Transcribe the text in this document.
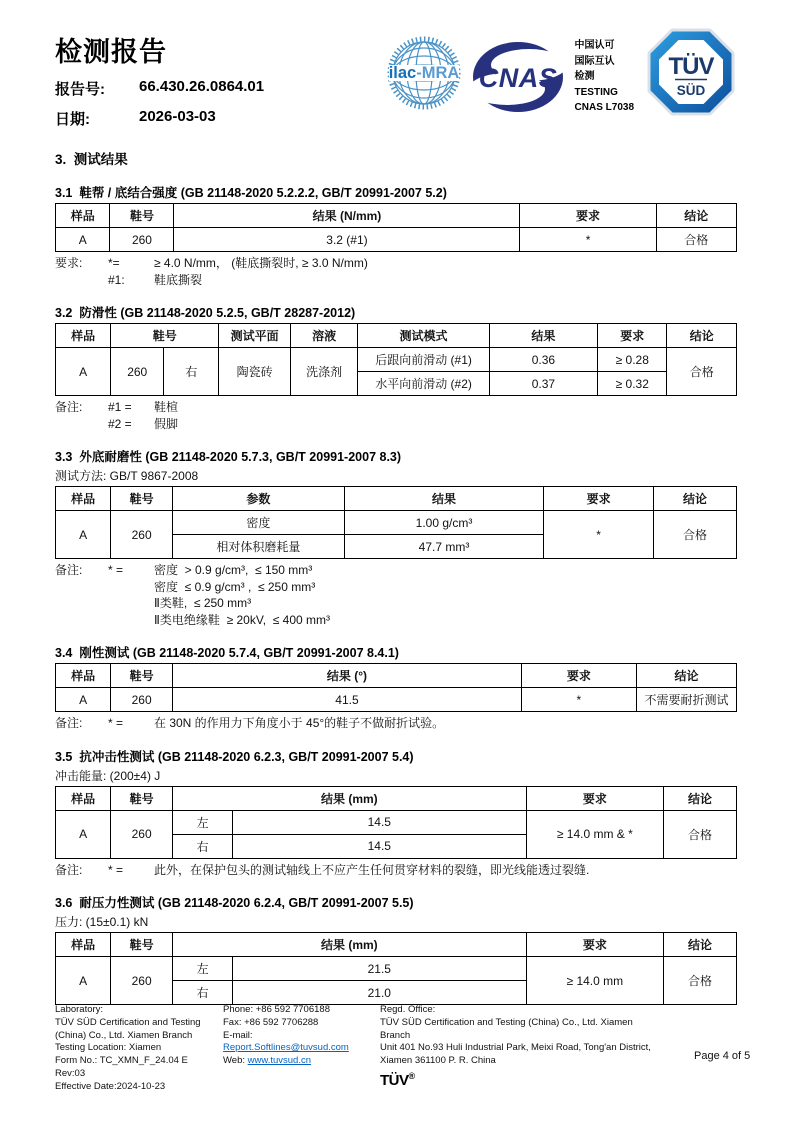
检测报告
报告号:	66.430.26.0864.01
日期:	2026-03-03
ilac-MRA CNAS
中国认可
国际互认
检测
TESTING
CNAS L7038
TÜV
SÜD
3.  测试结果
3.1  鞋帮 / 底结合强度 (GB 21148-2020 5.2.2.2, GB/T 20991-2007 5.2)
样品	鞋号	结果 (N/mm)	要求	结论
A	260	3.2 (#1)	*	合格
要求:	*=	≥ 4.0 N/mm， (鞋底撕裂时, ≥ 3.0 N/mm)
#1:	鞋底撕裂
3.2  防滑性 (GB 21148-2020 5.2.5, GB/T 28287-2012)
样品	鞋号		测试平面	溶液	测试模式	结果	要求	结论
A	260	右	陶瓷砖	洗涤剂	后跟向前滑动 (#1)	0.36	≥ 0.28	合格
					水平向前滑动 (#2)	0.37	≥ 0.32	
备注:	#1 =	鞋楦
#2 =	假脚
3.3  外底耐磨性 (GB 21148-2020 5.7.3, GB/T 20991-2007 8.3)
测试方法: GB/T 9867-2008
样品	鞋号	参数	结果	要求	结论
A	260	密度	1.00 g/cm³	*	合格
		相对体积磨耗量	47.7 mm³		
备注:	* =	密度  > 0.9 g/cm³,  ≤ 150 mm³
密度  ≤ 0.9 g/cm³ ,  ≤ 250 mm³
Ⅱ类鞋,  ≤ 250 mm³
Ⅱ类电绝缘鞋  ≥ 20kV,  ≤ 400 mm³
3.4  刚性测试 (GB 21148-2020 5.7.4, GB/T 20991-2007 8.4.1)
样品	鞋号	结果 (°)	要求	结论
A	260	41.5	*	不需要耐折测试
备注:	* =	在 30N 的作用力下角度小于 45°的鞋子不做耐折试验。
3.5  抗冲击性测试 (GB 21148-2020 6.2.3, GB/T 20991-2007 5.4)
冲击能量: (200±4) J
样品	鞋号	结果 (mm)		要求	结论
A	260	左	14.5	≥ 14.0 mm & *	合格
		右	14.5		
备注:	* =	此外，在保护包头的测试轴线上不应产生任何贯穿材料的裂缝，即光线能透过裂缝.
3.6  耐压力性测试 (GB 21148-2020 6.2.4, GB/T 20991-2007 5.5)
压力: (15±0.1) kN
样品	鞋号	结果 (mm)		要求	结论
A	260	左	21.5	≥ 14.0 mm	合格
		右	21.0		
Laboratory:
TÜV SÜD Certification and Testing
(China) Co., Ltd. Xiamen Branch
Testing Location: Xiamen
Form No.: TC_XMN_F_24.04 E
Rev:03
Effective Date:2024-10-23
Phone: +86 592 7706188
Fax: +86 592 7706288
E-mail:
Report.Softlines@tuvsud.com
Web: www.tuvsud.cn
Regd. Office:
TÜV SÜD Certification and Testing (China) Co., Ltd. Xiamen
Branch
Unit 401 No.93 Huli Industrial Park, Meixi Road, Tong'an District,
Xiamen 361100 P. R. China
TÜV®
Page 4 of 5
